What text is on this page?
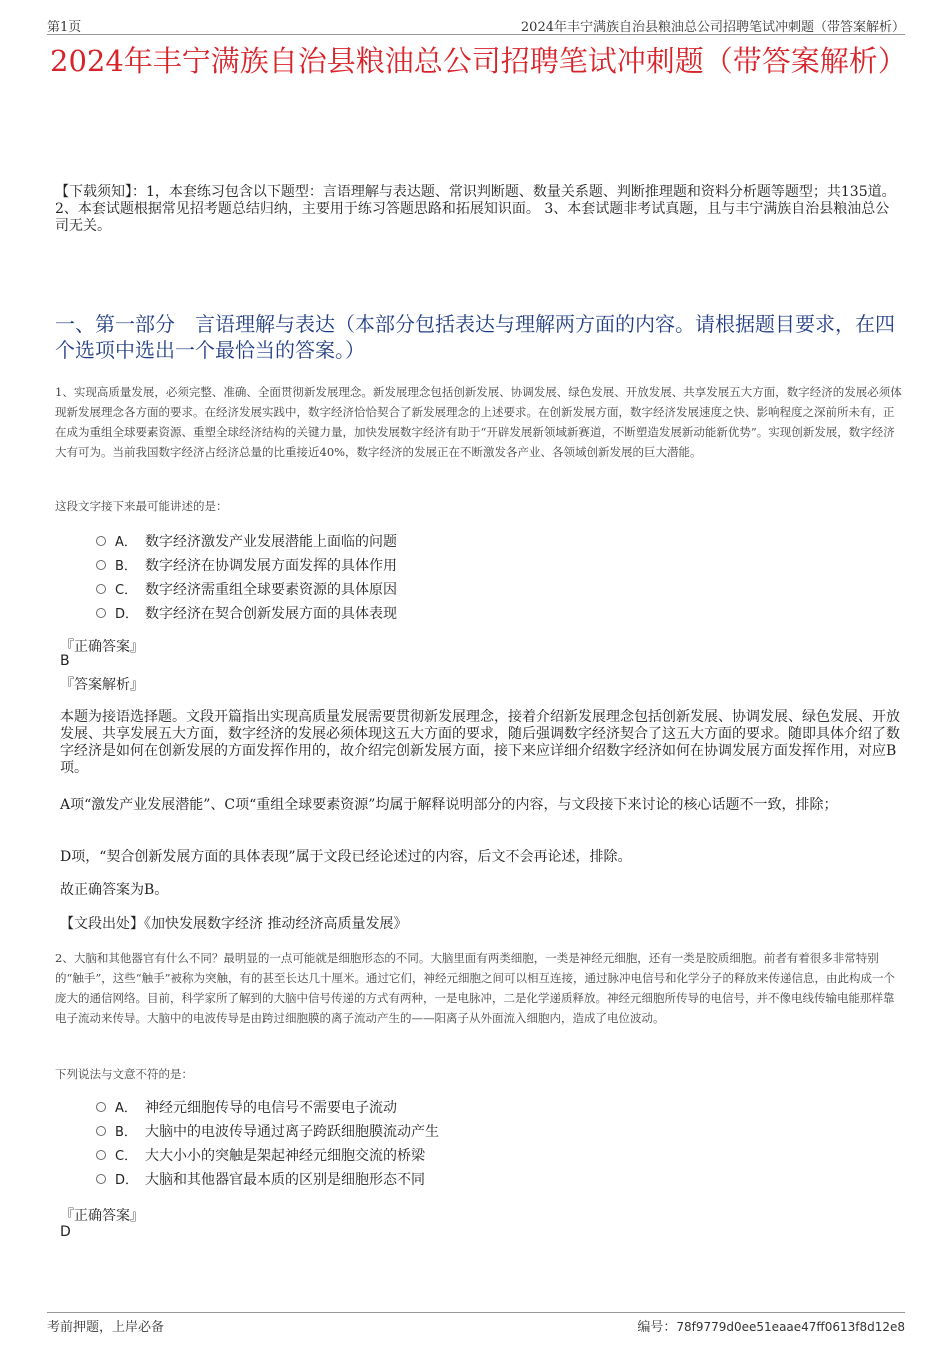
第1页	2024年丰宁满族自治县粮油总公司招聘笔试冲刺题（带答案解析）
2024年丰宁满族自治县粮油总公司招聘笔试冲刺题（带答案解析）
【下载须知】：1，本套练习包含以下题型：言语理解与表达题、常识判断题、数量关系题、判断推理题和资料分析题等题型；共135道。 2、本套试题根据常见招考题总结归纳，主要用于练习答题思路和拓展知识面。 3、本套试题非考试真题，且与丰宁满族自治县粮油总公司无关。
一、第一部分　言语理解与表达（本部分包括表达与理解两方面的内容。请根据题目要求，在四个选项中选出一个最恰当的答案。）
1、实现高质量发展，必须完整、准确、全面贯彻新发展理念。新发展理念包括创新发展、协调发展、绿色发展、开放发展、共享发展五大方面，数字经济的发展必须体现新发展理念各方面的要求。在经济发展实践中，数字经济恰恰契合了新发展理念的上述要求。在创新发展方面，数字经济发展速度之快、影响程度之深前所未有，正在成为重组全球要素资源、重塑全球经济结构的关键力量，加快发展数字经济有助于“开辟发展新领域新赛道，不断塑造发展新动能新优势”。实现创新发展，数字经济大有可为。当前我国数字经济占经济总量的比重接近40%，数字经济的发展正在不断激发各产业、各领域创新发展的巨大潜能。
这段文字接下来最可能讲述的是：
A． 数字经济激发产业发展潜能上面临的问题
B． 数字经济在协调发展方面发挥的具体作用
C． 数字经济需重组全球要素资源的具体原因
D． 数字经济在契合创新发展方面的具体表现
『正确答案』
B
『答案解析』
本题为接语选择题。文段开篇指出实现高质量发展需要贯彻新发展理念，接着介绍新发展理念包括创新发展、协调发展、绿色发展、开放发展、共享发展五大方面，数字经济的发展必须体现这五大方面的要求，随后强调数字经济契合了这五大方面的要求。随即具体介绍了数字经济是如何在创新发展的方面发挥作用的，故介绍完创新发展方面，接下来应详细介绍数字经济如何在协调发展方面发挥作用，对应B项。
A项“激发产业发展潜能”、C项“重组全球要素资源”均属于解释说明部分的内容，与文段接下来讨论的核心话题不一致，排除；
D项，“契合创新发展方面的具体表现”属于文段已经论述过的内容，后文不会再论述，排除。
故正确答案为B。
【文段出处】《加快发展数字经济 推动经济高质量发展》
2、大脑和其他器官有什么不同？最明显的一点可能就是细胞形态的不同。大脑里面有两类细胞，一类是神经元细胞，还有一类是胶质细胞。前者有着很多非常特别的“触手”，这些“触手”被称为突触，有的甚至长达几十厘米。通过它们，神经元细胞之间可以相互连接，通过脉冲电信号和化学分子的释放来传递信息，由此构成一个庞大的通信网络。目前，科学家所了解到的大脑中信号传递的方式有两种，一是电脉冲，二是化学递质释放。神经元细胞所传导的电信号，并不像电线传输电能那样靠电子流动来传导。大脑中的电波传导是由跨过细胞膜的离子流动产生的——阳离子从外面流入细胞内，造成了电位波动。
下列说法与文意不符的是：
A． 神经元细胞传导的电信号不需要电子流动
B． 大脑中的电波传导通过离子跨跃细胞膜流动产生
C． 大大小小的突触是架起神经元细胞交流的桥梁
D． 大脑和其他器官最本质的区别是细胞形态不同
『正确答案』
D
考前押题，上岸必备	编号：78f9779d0ee51eaae47ff0613f8d12e8
